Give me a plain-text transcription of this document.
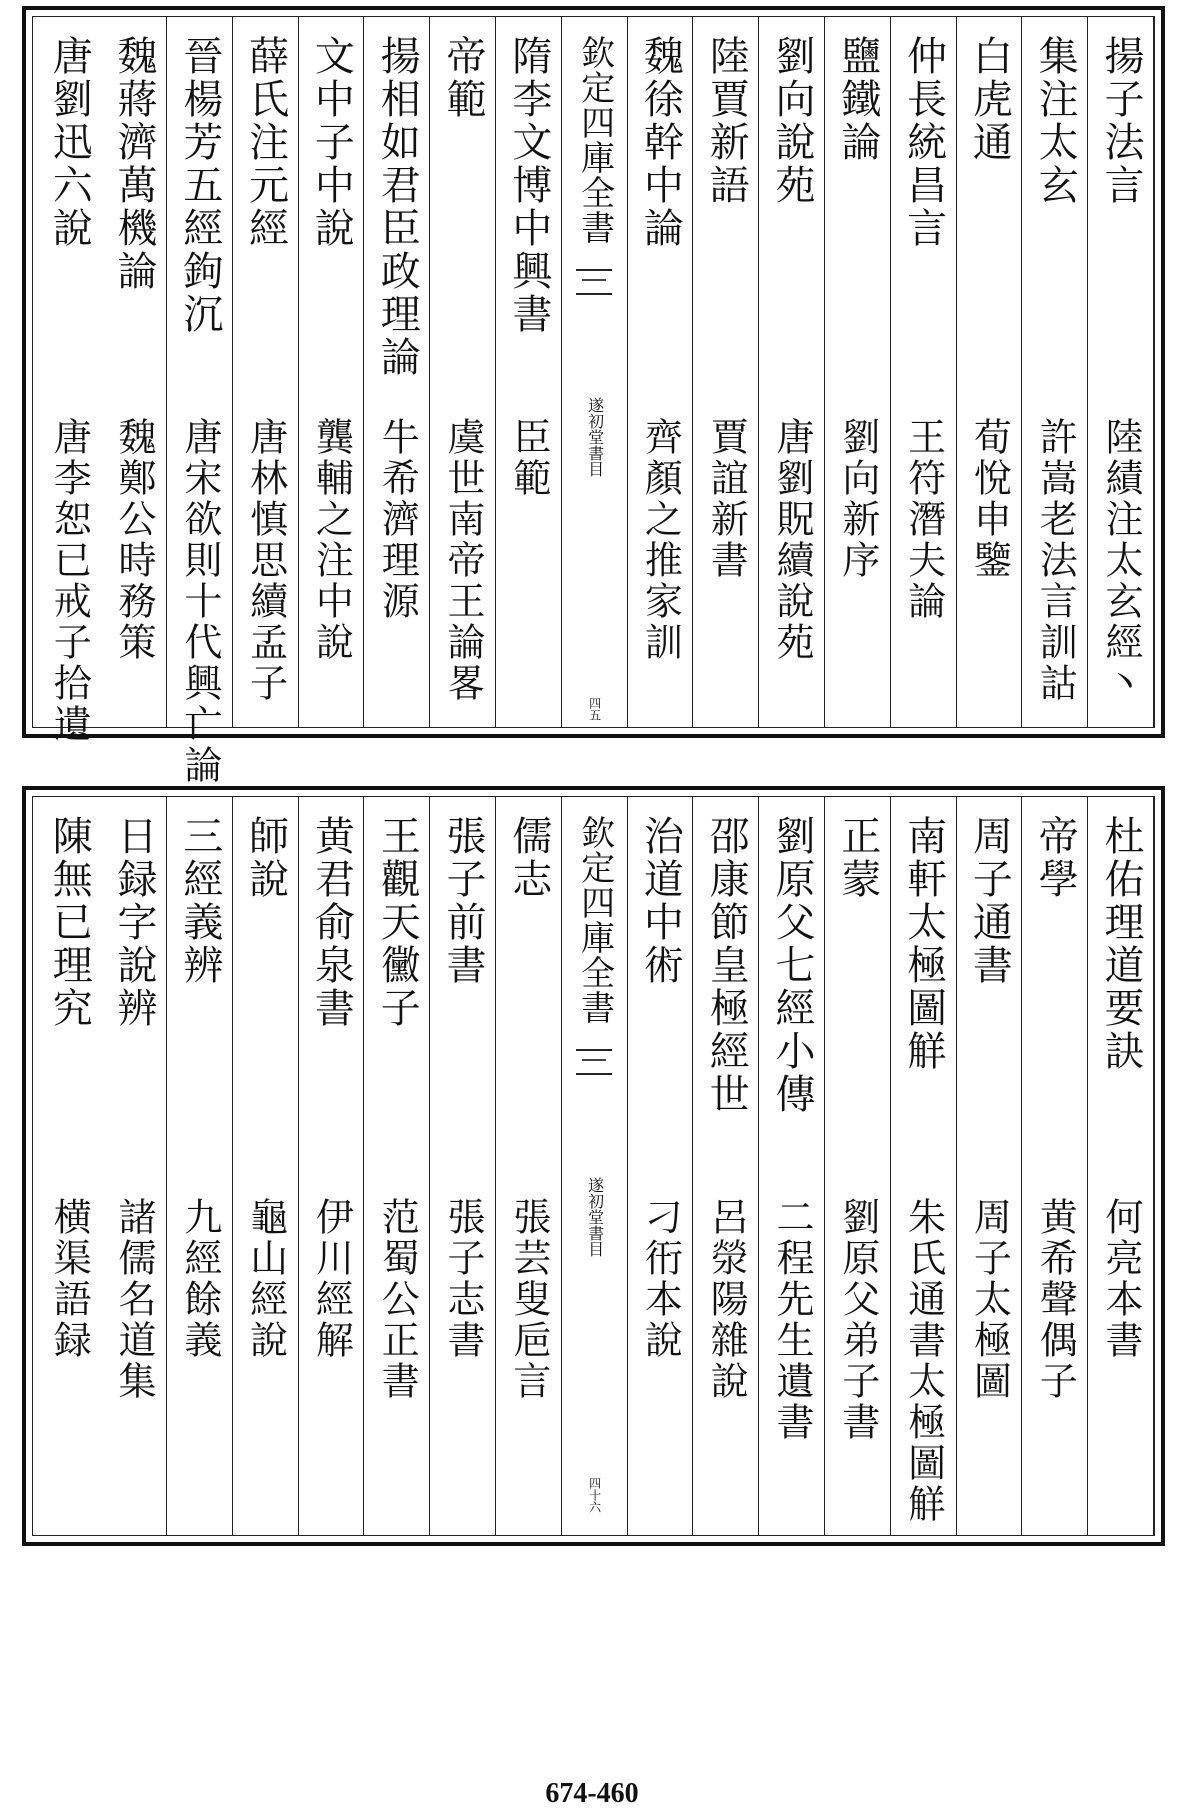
揚子法言
陸績注太玄經丶
集注太玄
許嵩老法言訓詁
白虎通
荀悅申鑒
仲長統昌言
王符潛夫論
鹽鐵論
劉向新序
劉向說苑
唐劉貺續說苑
陸賈新語
賈誼新書
魏徐幹中論
齊顏之推家訓
欽定四庫全書
遂初堂書目
四五
隋李文博中興書
臣範
帝範
虞世南帝王論畧
揚相如君臣政理論
牛希濟理源
文中子中說
龔輔之注中說
薛氏注元經
唐林慎思續孟子
晉楊芳五經鉤沉
唐宋欲則十代興亡論
魏蔣濟萬機論
魏鄭公時務策
唐劉迅六說
唐李恕已戒子拾遺
杜佑理道要訣
何亮本書
帝學
黄希聲偶子
周子通書
周子太極圖
南軒太極圖觧
朱氏通書太極圖觧
正蒙
劉原父弟子書
劉原父七經小傳
二程先生遺書
邵康節皇極經世
呂滎陽雜說
治道中術
刁衎本說
欽定四庫全書
遂初堂書目
四十六
儒志
張芸叟巵言
張子前書
張子志書
王觀天黴子
范蜀公正書
黄君俞泉書
伊川經解
師說
龜山經說
三經義辨
九經餘義
日録字說辨
諸儒名道集
陳無已理究
横渠語録
674-460
